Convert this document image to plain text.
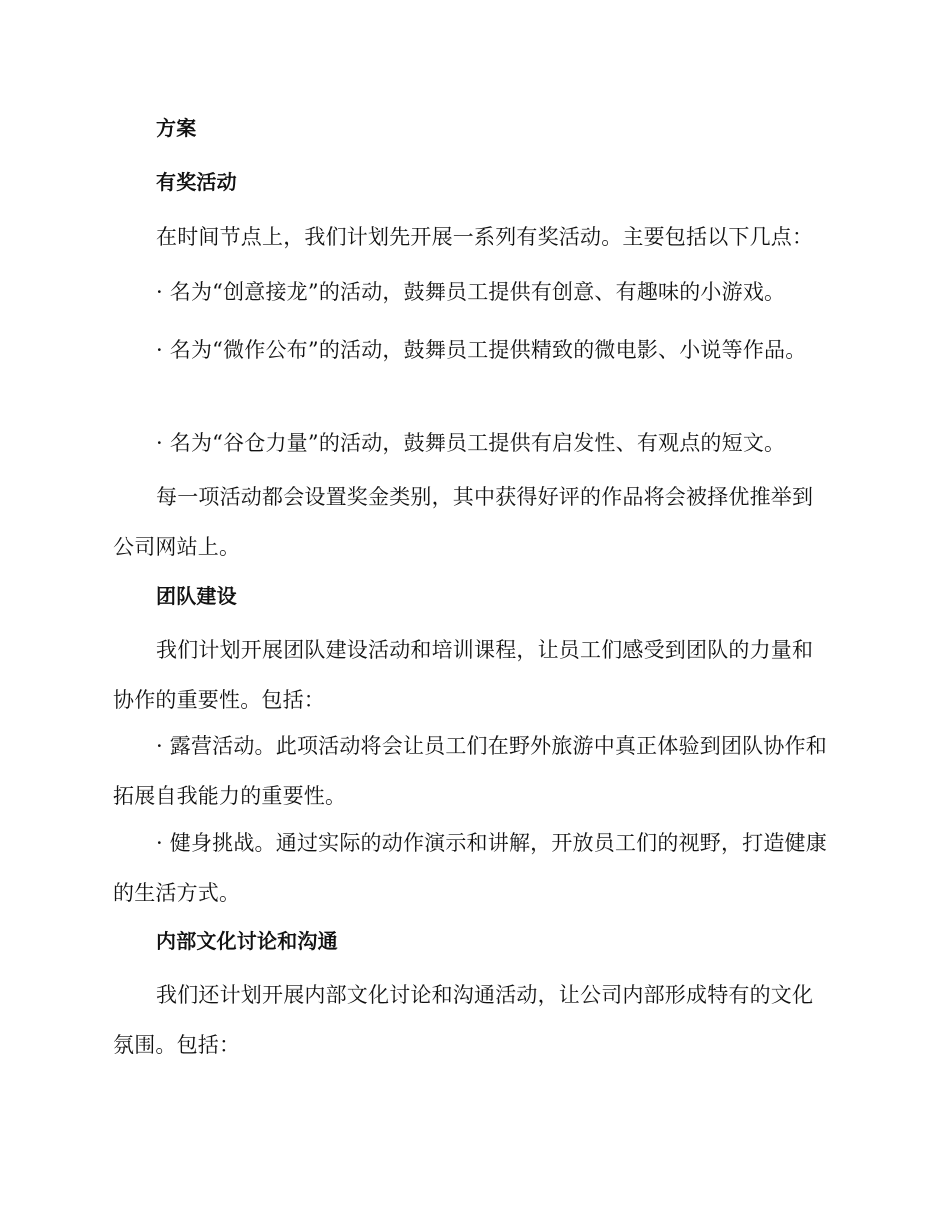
方案

有奖活动

在时间节点上，我们计划先开展一系列有奖活动。主要包括以下几点：

· 名为“创意接龙”的活动，鼓舞员工提供有创意、有趣味的小游戏。

· 名为“微作公布”的活动，鼓舞员工提供精致的微电影、小说等作品。

· 名为“谷仓力量”的活动，鼓舞员工提供有启发性、有观点的短文。

每一项活动都会设置奖金类别，其中获得好评的作品将会被择优推举到公司网站上。

团队建设

我们计划开展团队建设活动和培训课程，让员工们感受到团队的力量和协作的重要性。包括：

· 露营活动。此项活动将会让员工们在野外旅游中真正体验到团队协作和拓展自我能力的重要性。

· 健身挑战。通过实际的动作演示和讲解，开放员工们的视野，打造健康的生活方式。

内部文化讨论和沟通

我们还计划开展内部文化讨论和沟通活动，让公司内部形成特有的文化氛围。包括：
